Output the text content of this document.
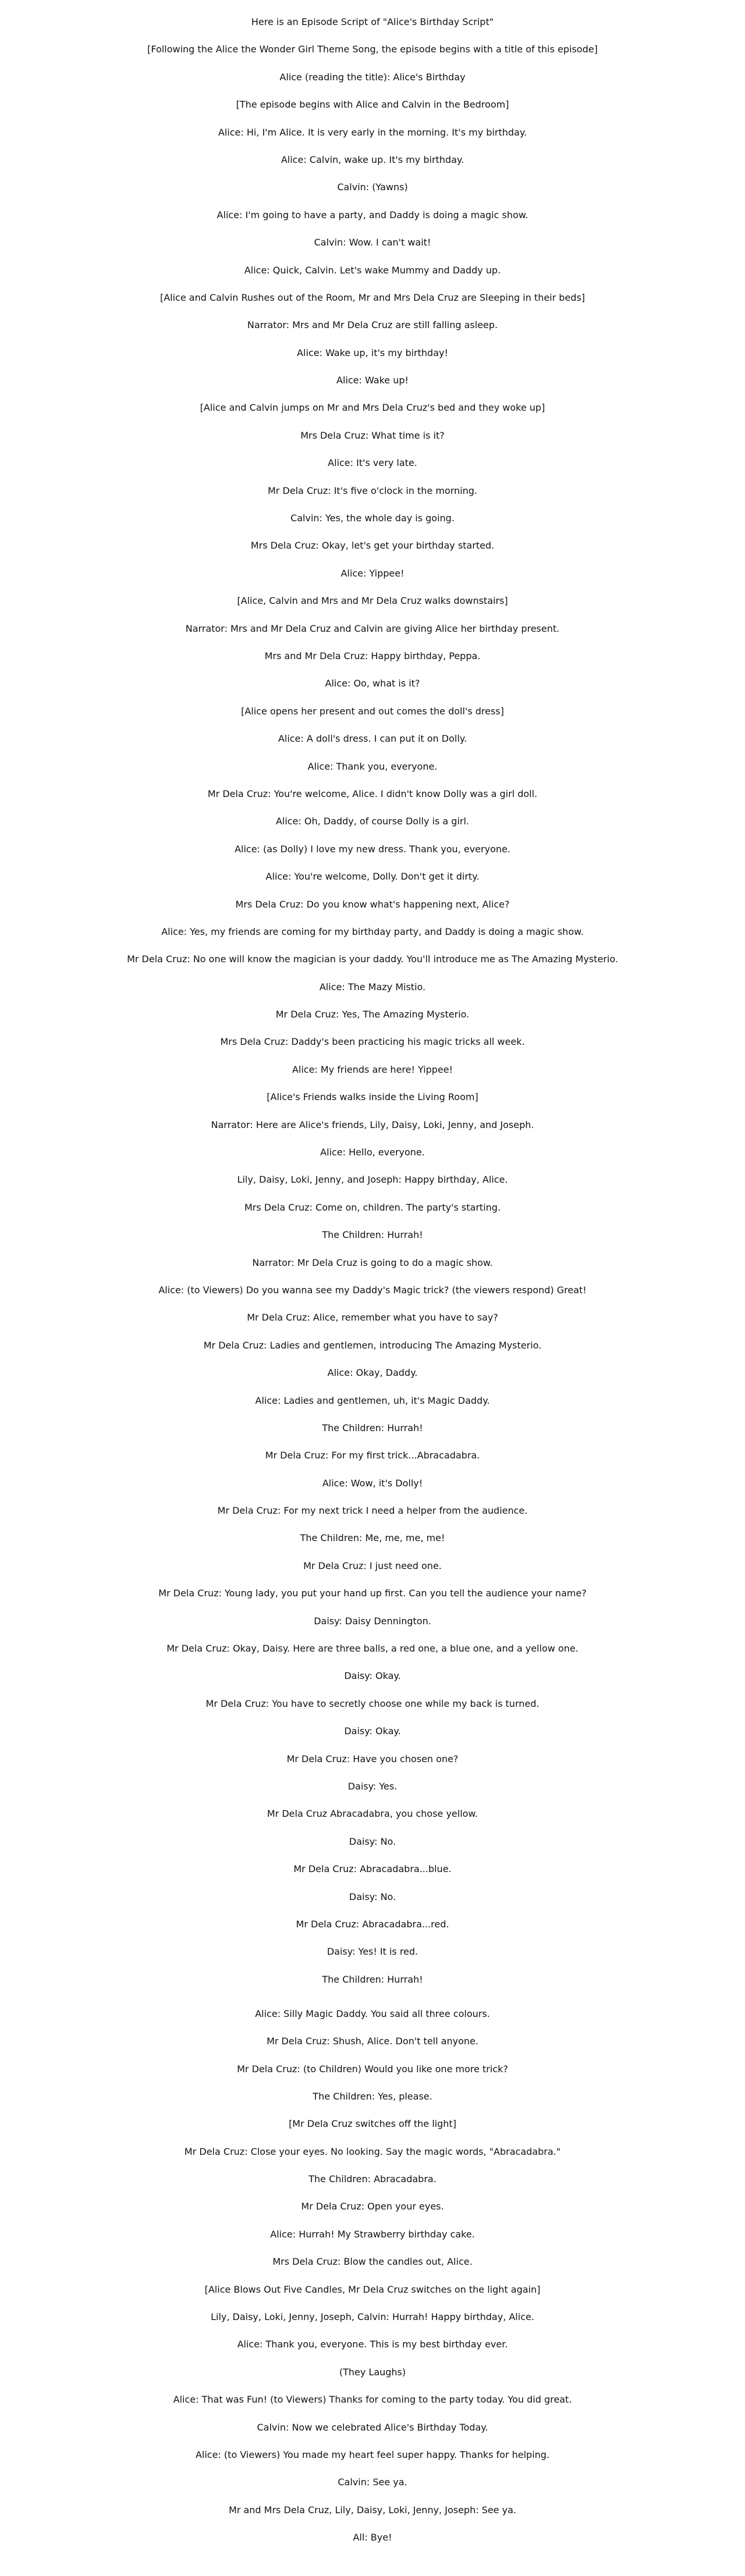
Here is an Episode Script of "Alice's Birthday Script"

[Following the Alice the Wonder Girl Theme Song, the episode begins with a title of this episode]

Alice (reading the title): Alice's Birthday

[The episode begins with Alice and Calvin in the Bedroom]

Alice: Hi, I'm Alice. It is very early in the morning. It's my birthday.

Alice: Calvin, wake up. It's my birthday.

Calvin: (Yawns)

Alice: I'm going to have a party, and Daddy is doing a magic show.

Calvin: Wow. I can't wait!

Alice: Quick, Calvin. Let's wake Mummy and Daddy up.

[Alice and Calvin Rushes out of the Room, Mr and Mrs Dela Cruz are Sleeping in their beds]

Narrator: Mrs and Mr Dela Cruz are still falling asleep.

Alice: Wake up, it's my birthday!

Alice: Wake up!

[Alice and Calvin jumps on Mr and Mrs Dela Cruz's bed and they woke up]

Mrs Dela Cruz: What time is it?

Alice: It's very late.

Mr Dela Cruz: It's five o'clock in the morning.

Calvin: Yes, the whole day is going.

Mrs Dela Cruz: Okay, let's get your birthday started.

Alice: Yippee!

[Alice, Calvin and Mrs and Mr Dela Cruz walks downstairs]

Narrator: Mrs and Mr Dela Cruz and Calvin are giving Alice her birthday present.

Mrs and Mr Dela Cruz: Happy birthday, Peppa.

Alice: Oo, what is it?

[Alice opens her present and out comes the doll's dress]

Alice: A doll's dress. I can put it on Dolly.

Alice: Thank you, everyone.

Mr Dela Cruz: You're welcome, Alice. I didn't know Dolly was a girl doll.

Alice: Oh, Daddy, of course Dolly is a girl.

Alice: (as Dolly) I love my new dress. Thank you, everyone.

Alice: You're welcome, Dolly. Don't get it dirty.

Mrs Dela Cruz: Do you know what's happening next, Alice?

Alice: Yes, my friends are coming for my birthday party, and Daddy is doing a magic show.

Mr Dela Cruz: No one will know the magician is your daddy. You'll introduce me as The Amazing Mysterio.

Alice: The Mazy Mistio.

Mr Dela Cruz: Yes, The Amazing Mysterio.

Mrs Dela Cruz: Daddy's been practicing his magic tricks all week.

Alice: My friends are here! Yippee!

[Alice's Friends walks inside the Living Room]

Narrator: Here are Alice's friends, Lily, Daisy, Loki, Jenny, and Joseph.

Alice: Hello, everyone.

Lily, Daisy, Loki, Jenny, and Joseph: Happy birthday, Alice.

Mrs Dela Cruz: Come on, children. The party's starting.

The Children: Hurrah!

Narrator: Mr Dela Cruz is going to do a magic show.

Alice: (to Viewers) Do you wanna see my Daddy's Magic trick? (the viewers respond) Great!

Mr Dela Cruz: Alice, remember what you have to say?

Mr Dela Cruz: Ladies and gentlemen, introducing The Amazing Mysterio.

Alice: Okay, Daddy.

Alice: Ladies and gentlemen, uh, it's Magic Daddy.

The Children: Hurrah!

Mr Dela Cruz: For my first trick...Abracadabra.

Alice: Wow, it's Dolly!

Mr Dela Cruz: For my next trick I need a helper from the audience.

The Children: Me, me, me, me!

Mr Dela Cruz: I just need one.

Mr Dela Cruz: Young lady, you put your hand up first. Can you tell the audience your name?

Daisy: Daisy Dennington.

Mr Dela Cruz: Okay, Daisy. Here are three balls, a red one, a blue one, and a yellow one.

Daisy: Okay.

Mr Dela Cruz: You have to secretly choose one while my back is turned.

Daisy: Okay.

Mr Dela Cruz: Have you chosen one?

Daisy: Yes.

Mr Dela Cruz Abracadabra, you chose yellow.

Daisy: No.

Mr Dela Cruz: Abracadabra...blue.

Daisy: No.

Mr Dela Cruz: Abracadabra...red.

Daisy: Yes! It is red.

The Children: Hurrah!

Alice: Silly Magic Daddy. You said all three colours.

Mr Dela Cruz: Shush, Alice. Don't tell anyone.

Mr Dela Cruz: (to Children) Would you like one more trick?

The Children: Yes, please.

[Mr Dela Cruz switches off the light]

Mr Dela Cruz: Close your eyes. No looking. Say the magic words, "Abracadabra."

The Children: Abracadabra.

Mr Dela Cruz: Open your eyes.

Alice: Hurrah! My Strawberry birthday cake.

Mrs Dela Cruz: Blow the candles out, Alice.

[Alice Blows Out Five Candles, Mr Dela Cruz switches on the light again]

Lily, Daisy, Loki, Jenny, Joseph, Calvin: Hurrah! Happy birthday, Alice.

Alice: Thank you, everyone. This is my best birthday ever.

(They Laughs)

Alice: That was Fun! (to Viewers) Thanks for coming to the party today. You did great.

Calvin: Now we celebrated Alice's Birthday Today.

Alice: (to Viewers) You made my heart feel super happy. Thanks for helping.

Calvin: See ya.

Mr and Mrs Dela Cruz, Lily, Daisy, Loki, Jenny, Joseph: See ya.

All: Bye!
